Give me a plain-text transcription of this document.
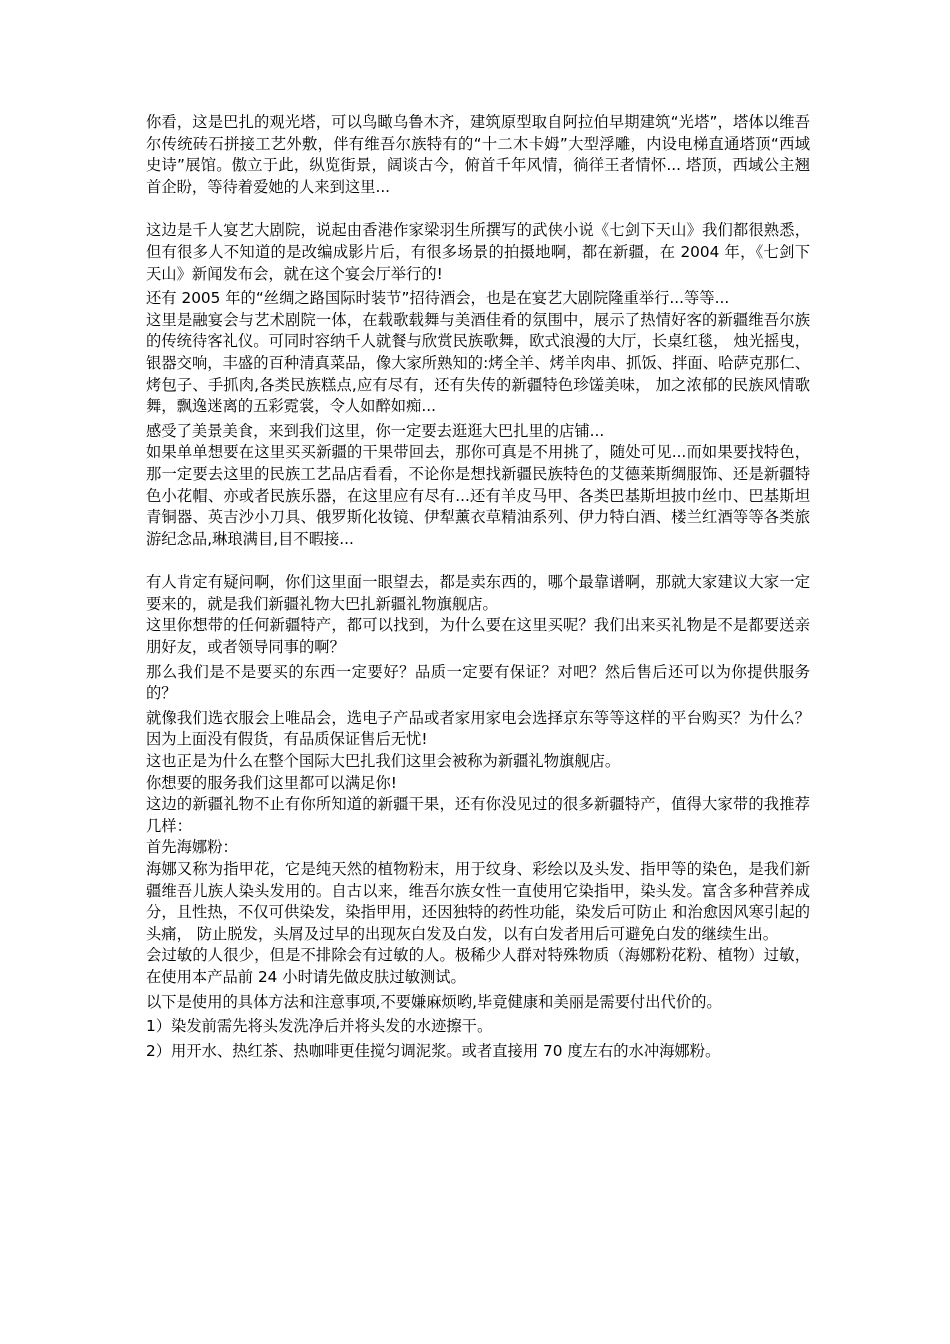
你看，这是巴扎的观光塔，可以鸟瞰乌鲁木齐，建筑原型取自阿拉伯早期建筑“光塔”，塔体以维吾尔传统砖石拼接工艺外敷，伴有维吾尔族特有的“十二木卡姆”大型浮雕，内设电梯直通塔顶“西域史诗”展馆。傲立于此，纵览街景，阔谈古今，俯首千年风情，徜徉王者情怀... 塔顶，西域公主翘首企盼，等待着爱她的人来到这里...

这边是千人宴艺大剧院，说起由香港作家梁羽生所撰写的武侠小说《七剑下天山》我们都很熟悉，但有很多人不知道的是改编成影片后，有很多场景的拍摄地啊，都在新疆，在 2004 年，《七剑下天山》新闻发布会，就在这个宴会厅举行的!

还有 2005 年的“丝绸之路国际时装节”招待酒会，也是在宴艺大剧院隆重举行...等等...

这里是融宴会与艺术剧院一体，在载歌载舞与美酒佳肴的氛围中，展示了热情好客的新疆维吾尔族的传统待客礼仪。可同时容纳千人就餐与欣赏民族歌舞，欧式浪漫的大厅，长桌红毯， 烛光摇曳，银器交响，丰盛的百种清真菜品，像大家所熟知的:烤全羊、烤羊肉串、抓饭、拌面、哈萨克那仁、烤包子、手抓肉,各类民族糕点,应有尽有，还有失传的新疆特色珍馐美味， 加之浓郁的民族风情歌舞，飘逸迷离的五彩霓裳，令人如醉如痴...

感受了美景美食，来到我们这里，你一定要去逛逛大巴扎里的店铺...

如果单单想要在这里买买新疆的干果带回去，那你可真是不用挑了，随处可见...而如果要找特色，那一定要去这里的民族工艺品店看看，不论你是想找新疆民族特色的艾德莱斯绸服饰、还是新疆特色小花帽、亦或者民族乐器，在这里应有尽有...还有羊皮马甲、各类巴基斯坦披巾丝巾、巴基斯坦青铜器、英吉沙小刀具、俄罗斯化妆镜、伊犁薰衣草精油系列、伊力特白酒、楼兰红酒等等各类旅游纪念品,琳琅满目,目不暇接...

有人肯定有疑问啊，你们这里面一眼望去，都是卖东西的，哪个最靠谱啊，那就大家建议大家一定要来的，就是我们新疆礼物大巴扎新疆礼物旗舰店。

这里你想带的任何新疆特产，都可以找到，为什么要在这里买呢？我们出来买礼物是不是都要送亲朋好友，或者领导同事的啊？

那么我们是不是要买的东西一定要好？品质一定要有保证？对吧？然后售后还可以为你提供服务的？

就像我们选衣服会上唯品会，选电子产品或者家用家电会选择京东等等这样的平台购买？为什么？因为上面没有假货，有品质保证售后无忧!

这也正是为什么在整个国际大巴扎我们这里会被称为新疆礼物旗舰店。

你想要的服务我们这里都可以满足你!

这边的新疆礼物不止有你所知道的新疆干果，还有你没见过的很多新疆特产，值得大家带的我推荐几样：

首先海娜粉：

海娜又称为指甲花，它是纯天然的植物粉末，用于纹身、彩绘以及头发、指甲等的染色，是我们新疆维吾儿族人染头发用的。自古以来，维吾尔族女性一直使用它染指甲，染头发。富含多种营养成分，且性热，不仅可供染发，染指甲用，还因独特的药性功能，染发后可防止 和治愈因风寒引起的头痛， 防止脱发，头屑及过早的出现灰白发及白发，以有白发者用后可避免白发的继续生出。

会过敏的人很少，但是不排除会有过敏的人。极稀少人群对特殊物质（海娜粉花粉、植物）过敏，在使用本产品前 24 小时请先做皮肤过敏测试。

以下是使用的具体方法和注意事项,不要嫌麻烦哟,毕竟健康和美丽是需要付出代价的。

1）染发前需先将头发洗净后并将头发的水迹擦干。

2）用开水、热红茶、热咖啡更佳搅匀调泥浆。或者直接用 70 度左右的水冲海娜粉。
